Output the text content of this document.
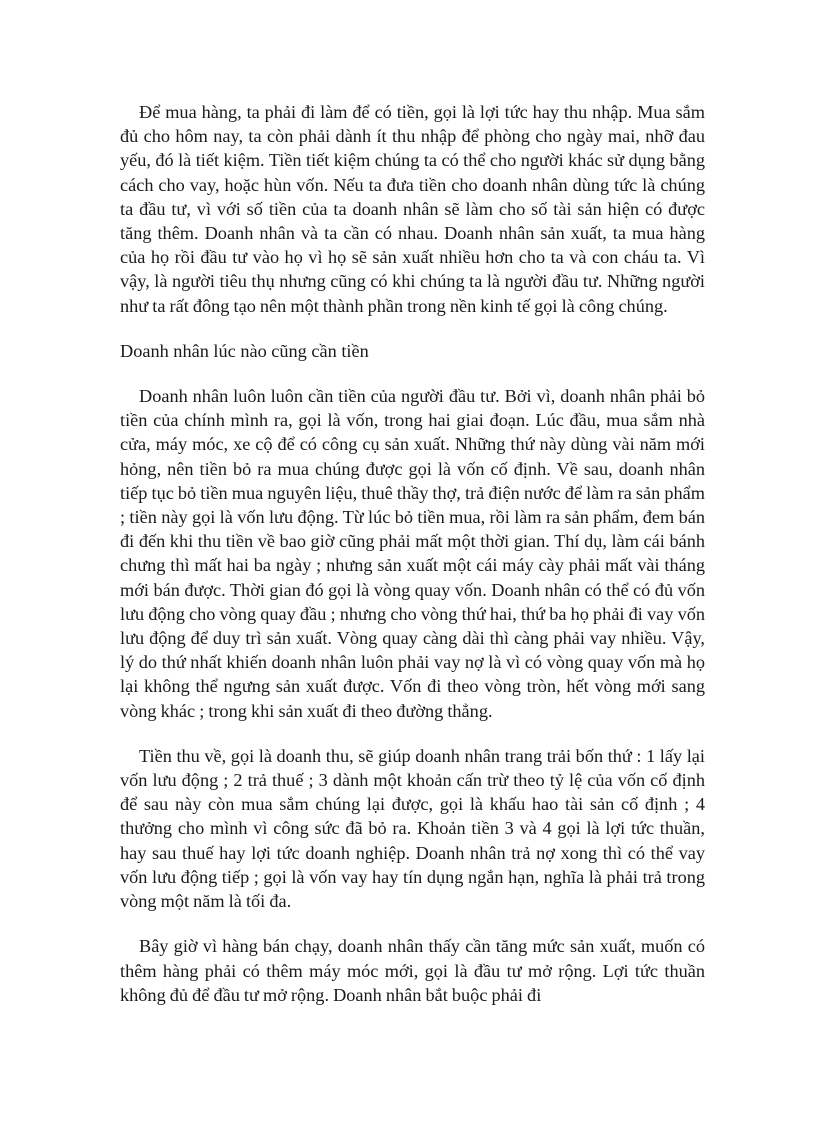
Để mua hàng, ta phải đi làm để có tiền, gọi là lợi tức hay thu nhập. Mua sắm đủ cho hôm nay, ta còn phải dành ít thu nhập để phòng cho ngày mai, nhỡ đau yếu, đó là tiết kiệm. Tiền tiết kiệm chúng ta có thể cho người khác sử dụng bằng cách cho vay, hoặc hùn vốn. Nếu ta đưa tiền cho doanh nhân dùng tức là chúng ta đầu tư, vì với số tiền của ta doanh nhân sẽ làm cho số tài sản hiện có được tăng thêm. Doanh nhân và ta cần có nhau. Doanh nhân sản xuất, ta mua hàng của họ rồi đầu tư vào họ vì họ sẽ sản xuất nhiều hơn cho ta và con cháu ta. Vì vậy, là người tiêu thụ nhưng cũng có khi chúng ta là người đầu tư. Những người như ta rất đông tạo nên một thành phần trong nền kinh tế gọi là công chúng.

Doanh nhân lúc nào cũng cần tiền

Doanh nhân luôn luôn cần tiền của người đầu tư. Bởi vì, doanh nhân phải bỏ tiền của chính mình ra, gọi là vốn, trong hai giai đoạn. Lúc đầu, mua sắm nhà cửa, máy móc, xe cộ để có công cụ sản xuất. Những thứ này dùng vài năm mới hỏng, nên tiền bỏ ra mua chúng được gọi là vốn cố định. Về sau, doanh nhân tiếp tục bỏ tiền mua nguyên liệu, thuê thầy thợ, trả điện nước để làm ra sản phẩm ; tiền này gọi là vốn lưu động. Từ lúc bỏ tiền mua, rồi làm ra sản phẩm, đem bán đi đến khi thu tiền về bao giờ cũng phải mất một thời gian. Thí dụ, làm cái bánh chưng thì mất hai ba ngày ; nhưng sản xuất một cái máy cày phải mất vài tháng mới bán được. Thời gian đó gọi là vòng quay vốn. Doanh nhân có thể có đủ vốn lưu động cho vòng quay đầu ; nhưng cho vòng thứ hai, thứ ba họ phải đi vay vốn lưu động để duy trì sản xuất. Vòng quay càng dài thì càng phải vay nhiều. Vậy, lý do thứ nhất khiến doanh nhân luôn phải vay nợ là vì có vòng quay vốn mà họ lại không thể ngưng sản xuất được. Vốn đi theo vòng tròn, hết vòng mới sang vòng khác ; trong khi sản xuất đi theo đường thẳng.

Tiền thu về, gọi là doanh thu, sẽ giúp doanh nhân trang trải bốn thứ : 1 lấy lại vốn lưu động ; 2 trả thuế ; 3 dành một khoản cấn trừ theo tỷ lệ của vốn cố định để sau này còn mua sắm chúng lại được, gọi là khấu hao tài sản cố định ; 4 thưởng cho mình vì công sức đã bỏ ra. Khoản tiền 3 và 4 gọi là lợi tức thuần, hay sau thuế hay lợi tức doanh nghiệp. Doanh nhân trả nợ xong thì có thể vay vốn lưu động tiếp ; gọi là vốn vay hay tín dụng ngắn hạn, nghĩa là phải trả trong vòng một năm là tối đa.

Bây giờ vì hàng bán chạy, doanh nhân thấy cần tăng mức sản xuất, muốn có thêm hàng phải có thêm máy móc mới, gọi là đầu tư mở rộng. Lợi tức thuần không đủ để đầu tư mở rộng. Doanh nhân bắt buộc phải đi
